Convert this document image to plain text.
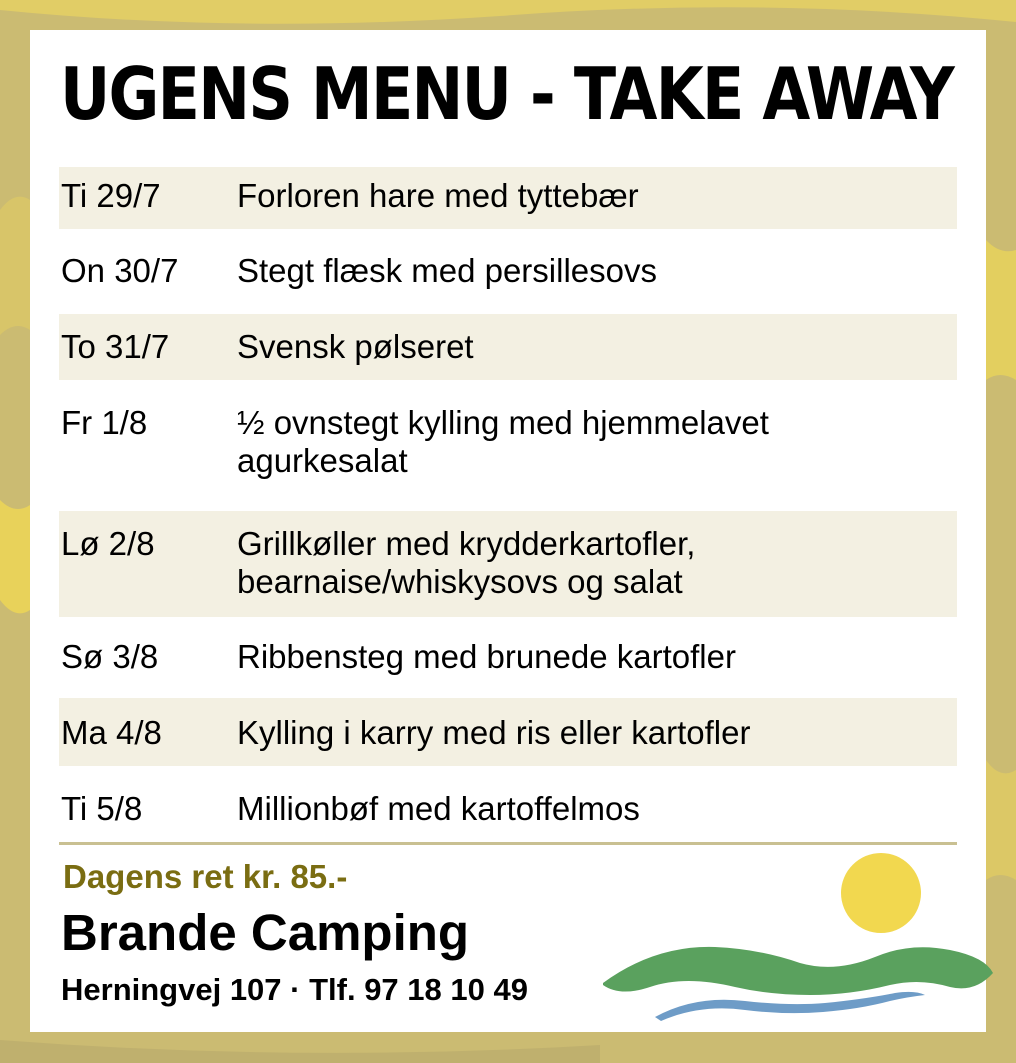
UGENS MENU - TAKE AWAY
Ti 29/7 Forloren hare med tyttebær
On 30/7 Stegt flæsk med persillesovs
To 31/7 Svensk pølseret
Fr 1/8	½ ovnstegt kylling med hjemmelavet agurkesalat
Lø 2/8 Grillkøller med krydderkartofler, bearnaise/whiskysovs og salat
Sø 3/8 Ribbensteg med brunede kartofler
Ma 4/8 Kylling i karry med ris eller kartofler
Ti 5/8	Millionbøf med kartoffelmos
Dagens ret kr. 85.-
Brande Camping
Herningvej 107 · Tlf. 97 18 10 49
